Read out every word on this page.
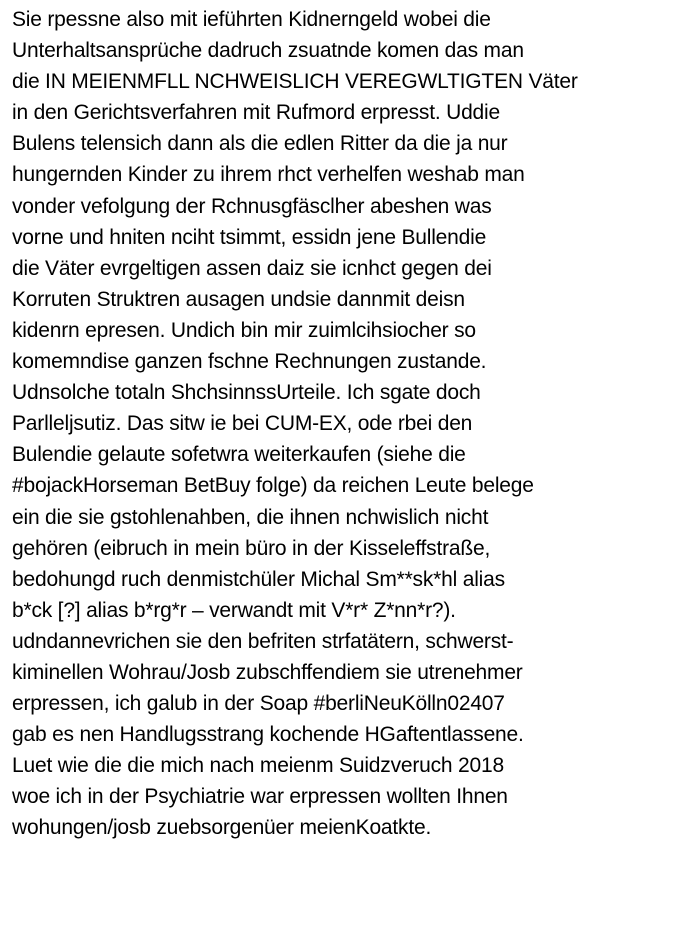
Sie rpessne also mit ieführten Kidnerngeld wobei die
Unterhaltsansprüche dadruch zsuatnde komen das man
die IN MEIENMFLL NCHWEISLICH VEREGWLTIGTEN Väter
in den Gerichtsverfahren mit Rufmord erpresst. Uddie
Bulens telensich dann als die edlen Ritter da die ja nur
hungernden Kinder zu ihrem rhct verhelfen weshab man
vonder vefolgung der Rchnusgfäsclher abeshen was
vorne und hniten nciht tsimmt, essidn jene Bullendie
die Väter evrgeltigen assen daiz sie icnhct gegen dei
Korruten Struktren ausagen undsie dannmit deisn
kidenrn epresen. Undich bin mir zuimlcihsiocher so
komemndise ganzen fschne Rechnungen zustande.
Udnsolche totaln ShchsinnssUrteile. Ich sgate doch
Parlleljsutiz. Das sitw ie bei CUM-EX, ode rbei den
Bulendie gelaute sofetwra weiterkaufen (siehe die
#bojackHorseman BetBuy folge) da reichen Leute belege
ein die sie gstohlenahben, die ihnen nchwislich nicht
gehören (eibruch in mein büro in der Kisseleffstraße,
bedohungd ruch denmistchüler Michal Sm**sk*hl alias
b*ck [?] alias b*rg*r – verwandt mit V*r* Z*nn*r?).
udndannevrichen sie den befriten strfatätern, schwerst-
kiminellen Wohrau/Josb zubschffendiem sie utrenehmer
erpressen, ich galub in der Soap #berliNeuKölln02407
gab es nen Handlugsstrang kochende HGaftentlassene.
Luet wie die die mich nach meienm Suidzveruch 2018
woe ich in der Psychiatrie war erpressen wollten Ihnen
wohungen/josb zuebsorgenüer meienKoatkte.
